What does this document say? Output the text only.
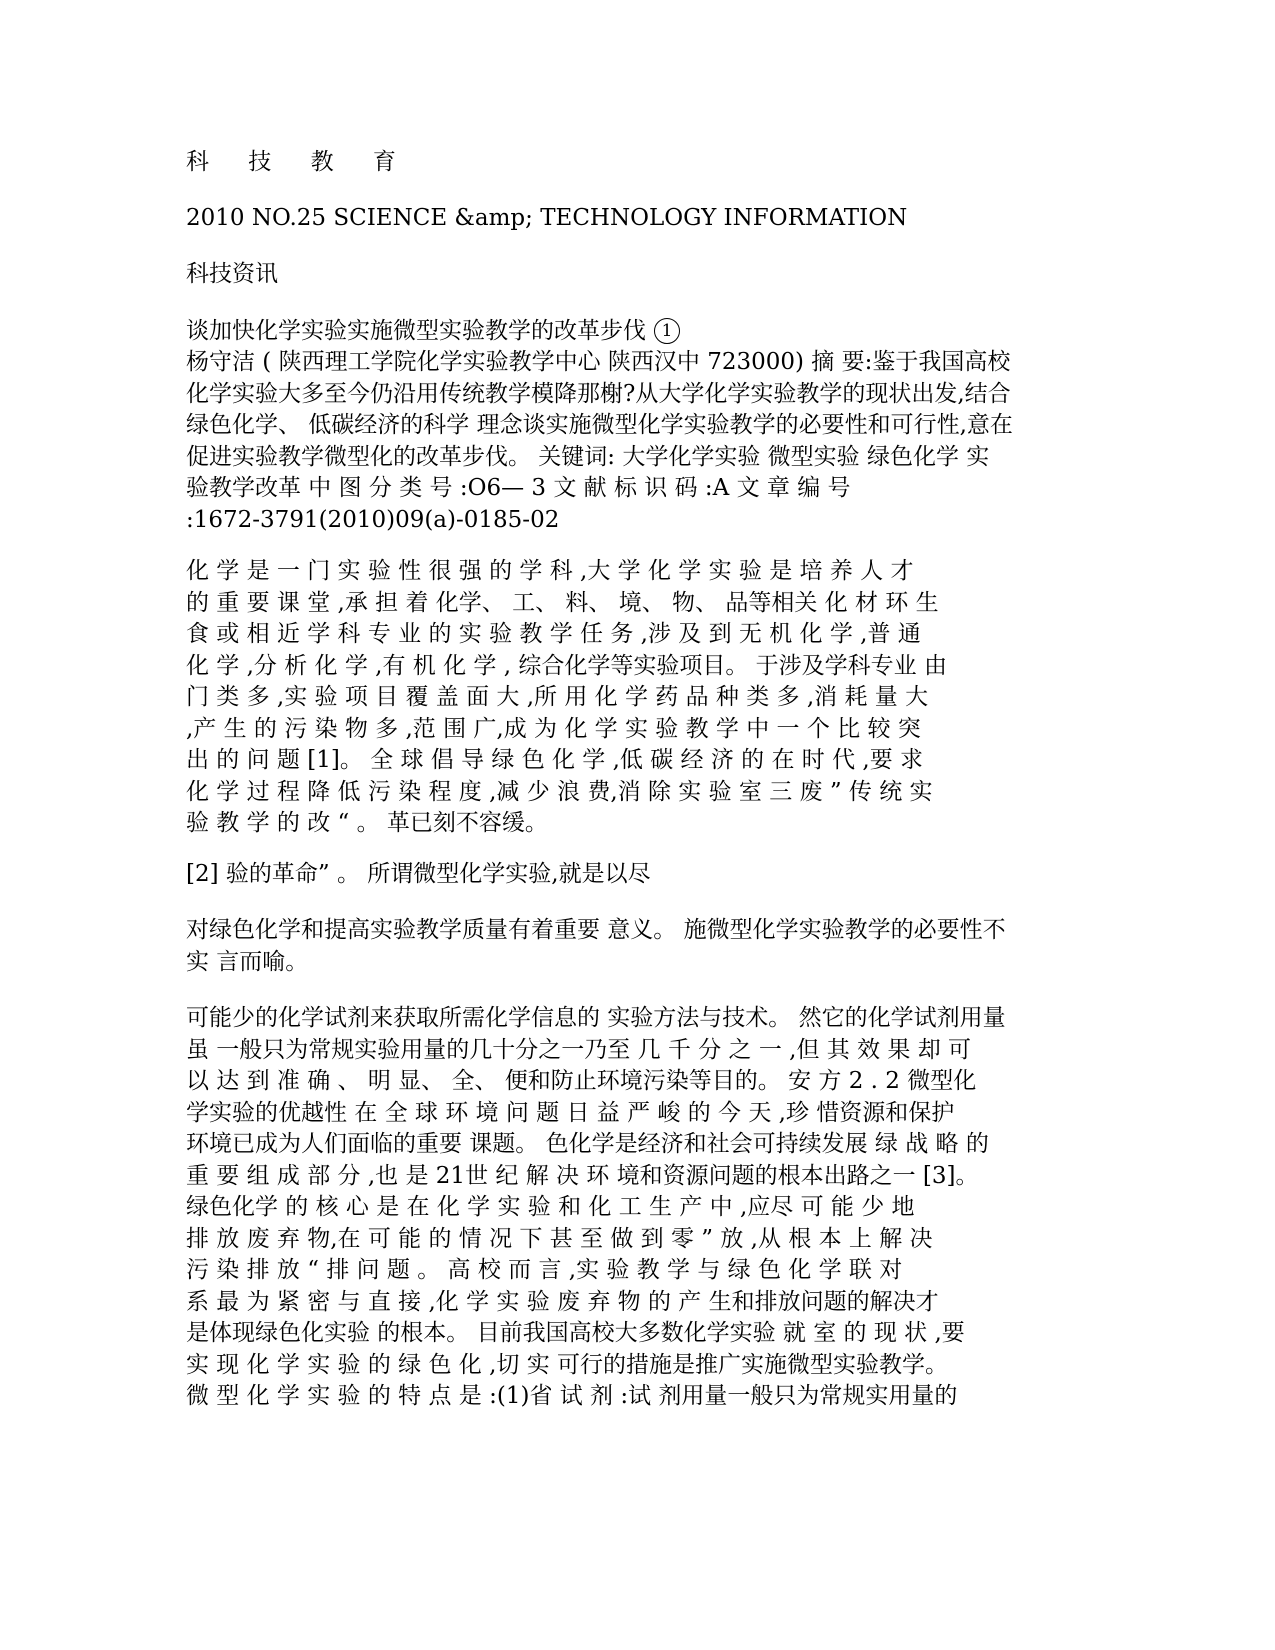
科 技 教 育

2010 NO.25 SCIENCE &amp; TECHNOLOGY INFORMATION

科技资讯

谈加快化学实验实施微型实验教学的改革步伐 1
杨守洁 ( 陕西理工学院化学实验教学中心 陕西汉中 723000) 摘 要:鉴于我国高校
化学实验大多至今仍沿用传统教学模降那榭?从大学化学实验教学的现状出发,结合
绿色化学、 低碳经济的科学 理念谈实施微型化学实验教学的必要性和可行性,意在
促进实验教学微型化的改革步伐。 关键词: 大学化学实验 微型实验 绿色化学 实
验教学改革 中 图 分 类 号 :O6— 3 文 献 标 识 码 :A 文 章 编 号
:1672-3791(2010)09(a)-0185-02
化 学 是 一 门 实 验 性 很 强 的 学 科 ,大 学 化 学 实 验 是 培 养 人 才
的 重 要 课 堂 ,承 担 着 化学、 工、 料、 境、 物、 品等相关 化 材 环 生
食 或 相 近 学 科 专 业 的 实 验 教 学 任 务 ,涉 及 到 无 机 化 学 ,普 通
化 学 ,分 析 化 学 ,有 机 化 学 , 综合化学等实验项目。 于涉及学科专业 由
门 类 多 ,实 验 项 目 覆 盖 面 大 ,所 用 化 学 药 品 种 类 多 ,消 耗 量 大
,产 生 的 污 染 物 多 ,范 围 广,成 为 化 学 实 验 教 学 中 一 个 比 较 突
出 的 问 题 [1]。 全 球 倡 导 绿 色 化 学 ,低 碳 经 济 的 在 时 代 ,要 求
化 学 过 程 降 低 污 染 程 度 ,减 少 浪 费,消 除 实 验 室 三 废 ” 传 统 实
验 教 学 的 改 “ 。 革已刻不容缓。
[2] 验的革命” 。 所谓微型化学实验,就是以尽
对绿色化学和提高实验教学质量有着重要 意义。 施微型化学实验教学的必要性不
实 言而喻。
可能少的化学试剂来获取所需化学信息的 实验方法与技术。 然它的化学试剂用量
虽 一般只为常规实验用量的几十分之一乃至 几 千 分 之 一 ,但 其 效 果 却 可
以 达 到 准 确 、 明 显、 全、 便和防止环境污染等目的。 安 方 2 . 2 微型化
学实验的优越性 在 全 球 环 境 问 题 日 益 严 峻 的 今 天 ,珍 惜资源和保护
环境已成为人们面临的重要 课题。 色化学是经济和社会可持续发展 绿 战 略 的
重 要 组 成 部 分 ,也 是 21世 纪 解 决 环 境和资源问题的根本出路之一 [3]。
绿色化学 的 核 心 是 在 化 学 实 验 和 化 工 生 产 中 ,应尽 可 能 少 地
排 放 废 弃 物,在 可 能 的 情 况 下 甚 至 做 到 零 ” 放 ,从 根 本 上 解 决
污 染 排 放 “ 排 问 题 。 高 校 而 言 ,实 验 教 学 与 绿 色 化 学 联 对
系 最 为 紧 密 与 直 接 ,化 学 实 验 废 弃 物 的 产 生和排放问题的解决才
是体现绿色化实验 的根本。 目前我国高校大多数化学实验 就 室 的 现 状 ,要
实 现 化 学 实 验 的 绿 色 化 ,切 实 可行的措施是推广实施微型实验教学。
微 型 化 学 实 验 的 特 点 是 :(1)省 试 剂 :试 剂用量一般只为常规实用量的
